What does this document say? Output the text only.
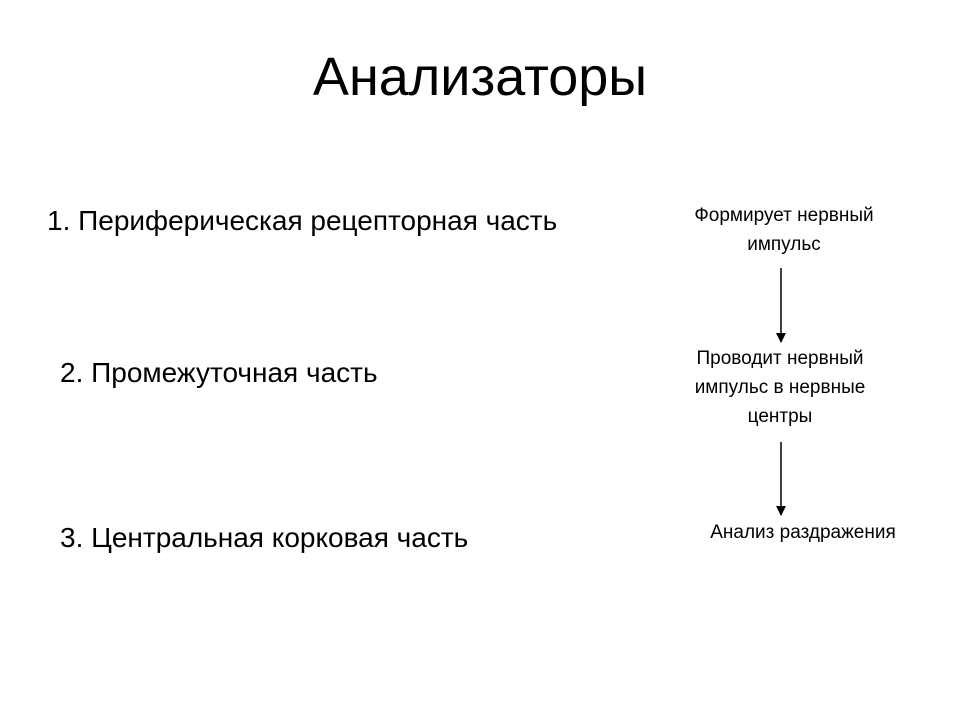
Анализаторы
1. Периферическая рецепторная часть
2. Промежуточная часть
3. Центральная корковая часть
Формирует нервный
импульс
Проводит нервный
импульс в нервные
центры
Анализ раздражения
